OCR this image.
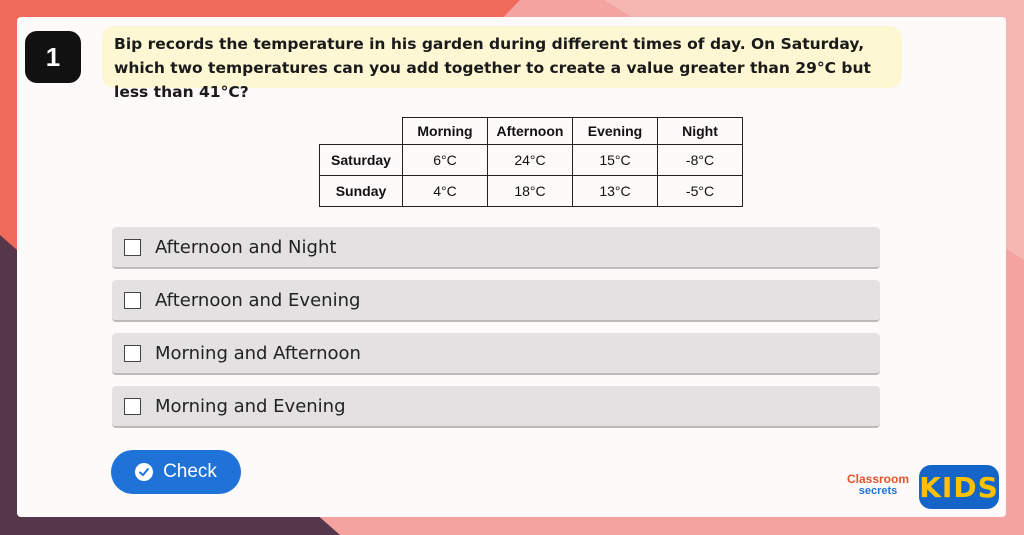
1	Bip records the temperature in his garden during different times of day. On Saturday, which two temperatures can you add together to create a value greater than 29°C but less than 41°C?
	Morning	Afternoon	Evening	Night
Saturday	6°C	24°C	15°C	-8°C
Sunday	4°C	18°C	13°C	-5°C
Afternoon and Night
Afternoon and Evening
Morning and Afternoon
Morning and Evening
Check	Classroom
secrets KIDS
